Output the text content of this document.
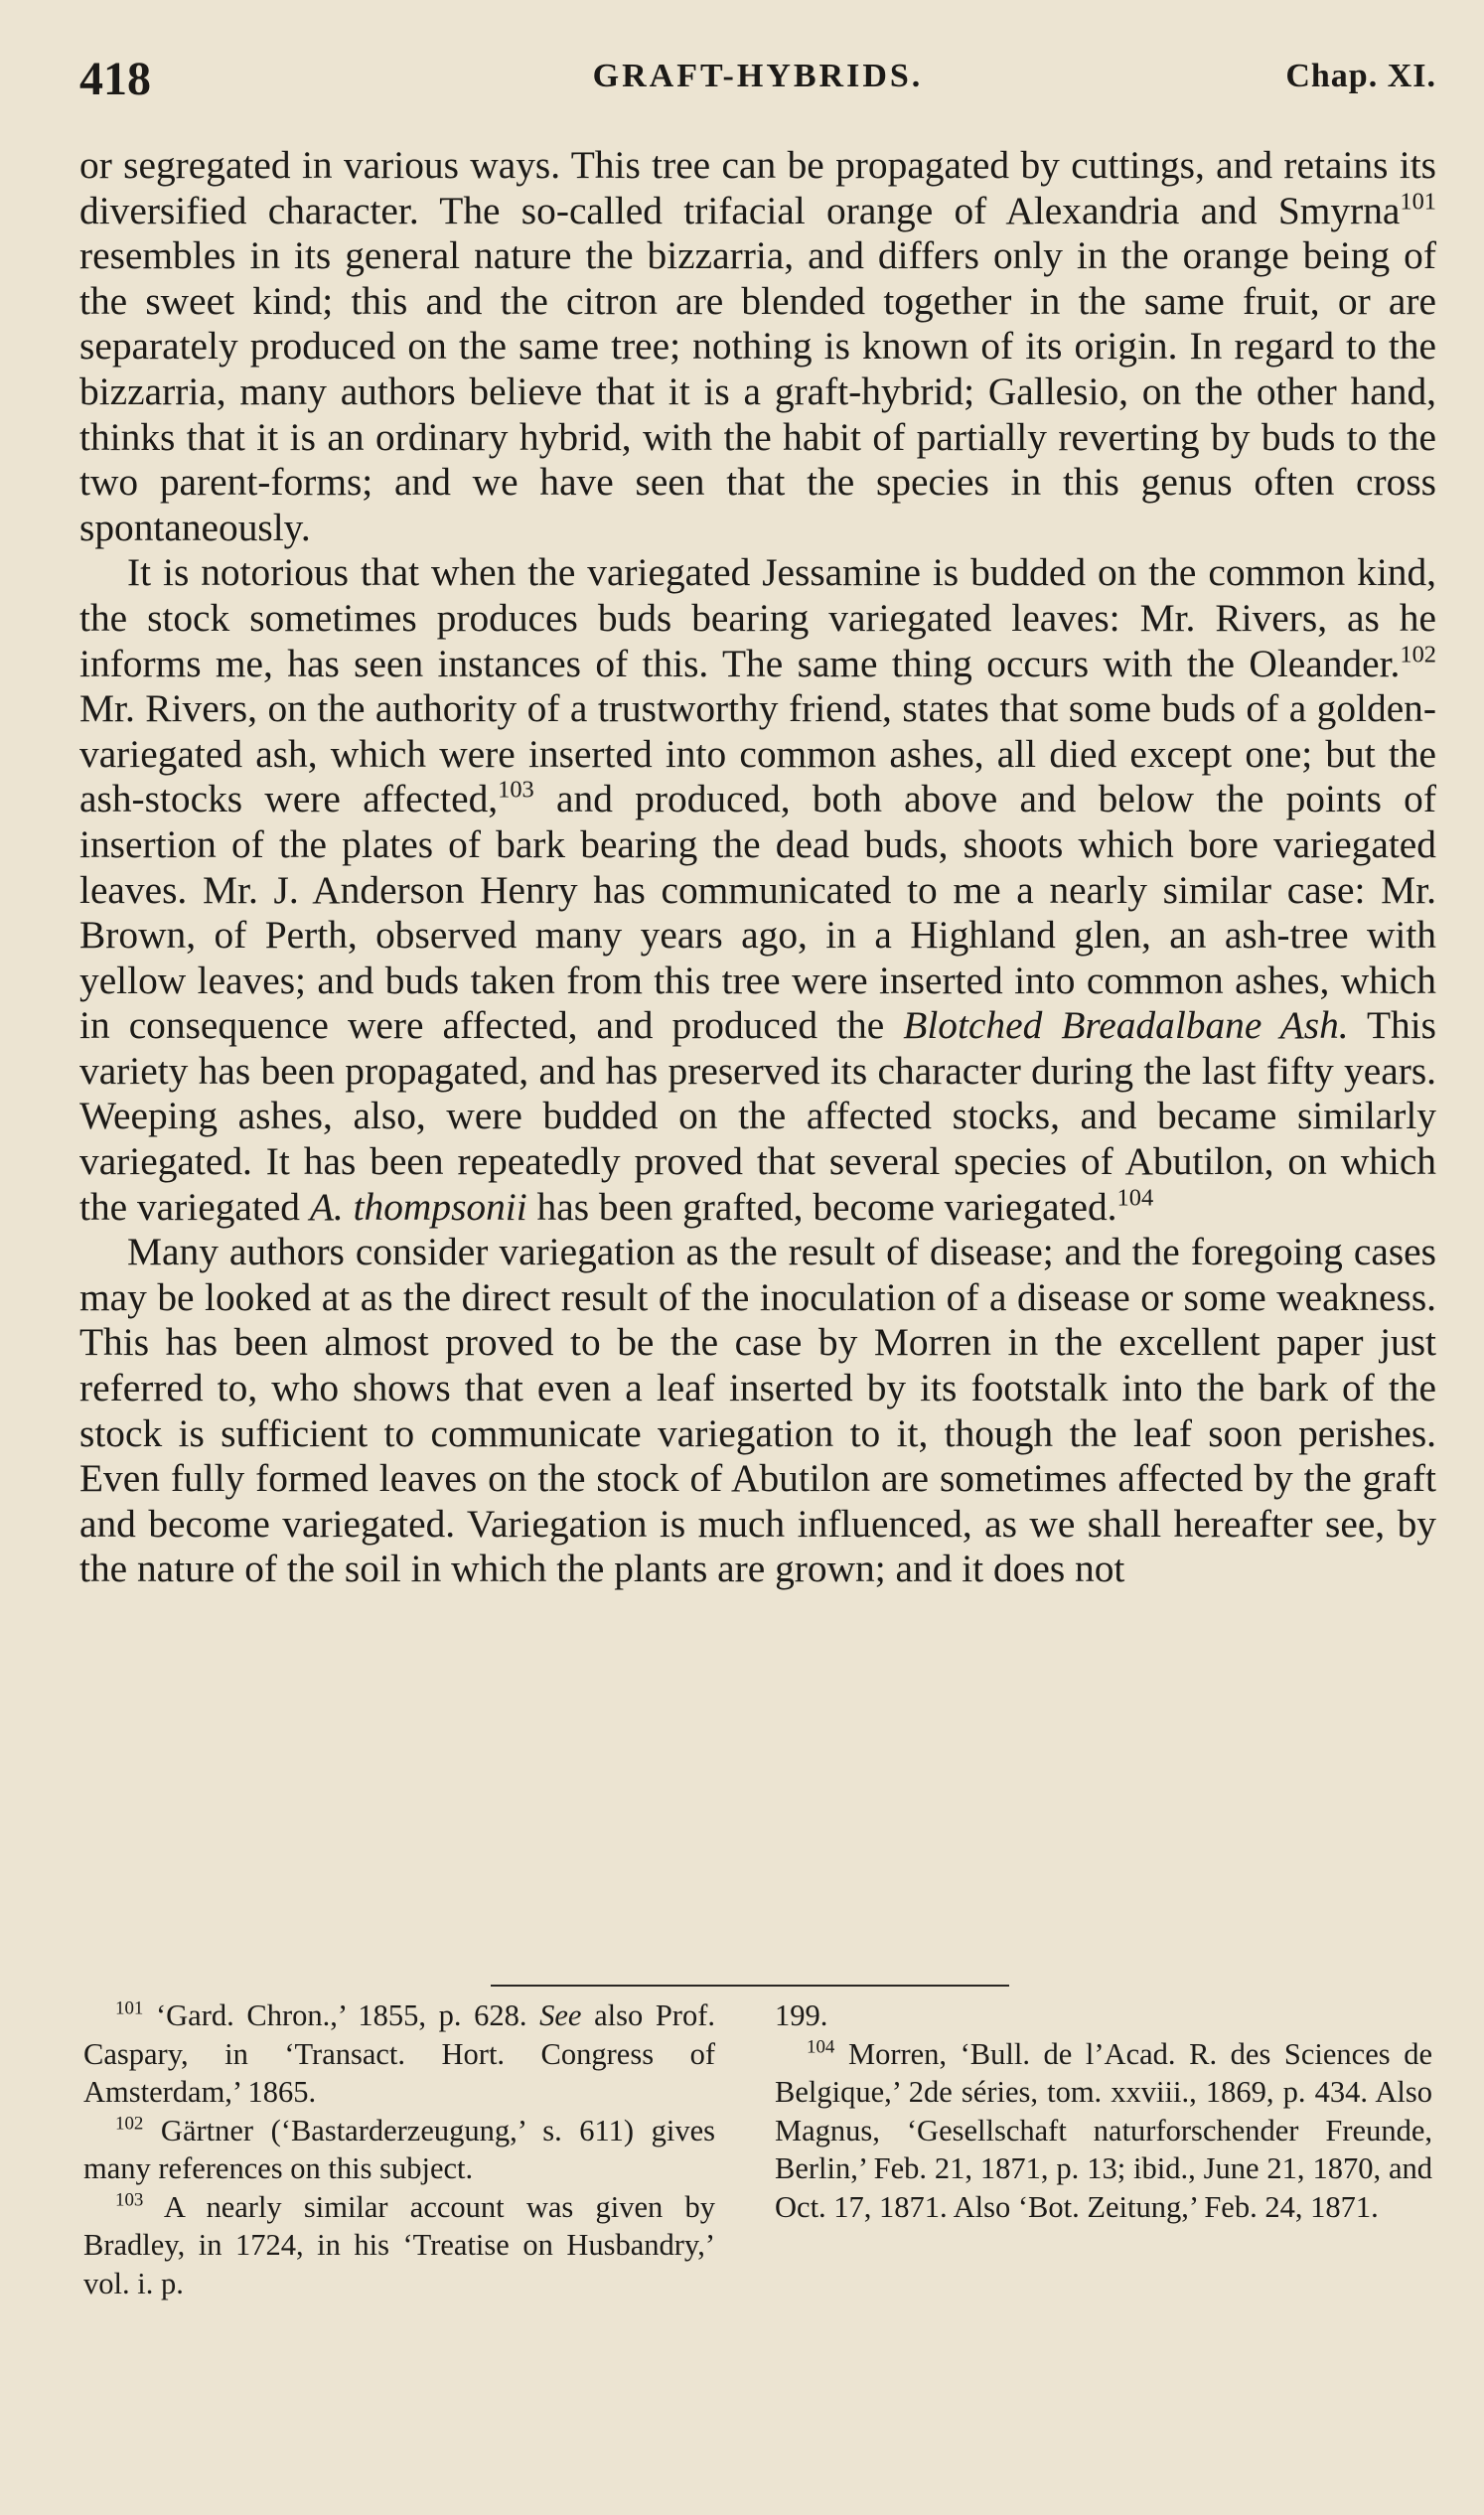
418	GRAFT-HYBRIDS.	Chap. XI.

or segregated in various ways. This tree can be propagated by cuttings, and retains its diversified character. The so-called trifacial orange of Alexandria and Smyrna$^{101}$ resembles in its general nature the bizzarria, and differs only in the orange being of the sweet kind; this and the citron are blended together in the same fruit, or are separately produced on the same tree; nothing is known of its origin. In regard to the bizzarria, many authors believe that it is a graft-hybrid; Gallesio, on the other hand, thinks that it is an ordinary hybrid, with the habit of partially reverting by buds to the two parent-forms; and we have seen that the species in this genus often cross spontaneously.

It is notorious that when the variegated Jessamine is budded on the common kind, the stock sometimes produces buds bearing variegated leaves: Mr. Rivers, as he informs me, has seen instances of this. The same thing occurs with the Oleander.$^{102}$ Mr. Rivers, on the authority of a trustworthy friend, states that some buds of a golden-variegated ash, which were inserted into common ashes, all died except one; but the ash-stocks were affected,$^{103}$ and produced, both above and below the points of insertion of the plates of bark bearing the dead buds, shoots which bore variegated leaves. Mr. J. Anderson Henry has communicated to me a nearly similar case: Mr. Brown, of Perth, observed many years ago, in a Highland glen, an ash-tree with yellow leaves; and buds taken from this tree were inserted into common ashes, which in consequence were affected, and produced the Blotched Breadalbane Ash. This variety has been propagated, and has preserved its character during the last fifty years. Weeping ashes, also, were budded on the affected stocks, and became similarly variegated. It has been repeatedly proved that several species of Abutilon, on which the variegated A. thompsonii has been grafted, become variegated.$^{104}$

Many authors consider variegation as the result of disease; and the foregoing cases may be looked at as the direct result of the inoculation of a disease or some weakness. This has been almost proved to be the case by Morren in the excellent paper just referred to, who shows that even a leaf inserted by its footstalk into the bark of the stock is sufficient to communicate variegation to it, though the leaf soon perishes. Even fully formed leaves on the stock of Abutilon are sometimes affected by the graft and become variegated. Variegation is much influenced, as we shall hereafter see, by the nature of the soil in which the plants are grown; and it does not

$^{101}$ ‘Gard. Chron.,’ 1855, p. 628. See also Prof. Caspary, in ‘Transact. Hort. Congress of Amsterdam,’ 1865.

$^{102}$ Gärtner (‘Bastarderzeugung,’ s. 611) gives many references on this subject.

$^{103}$ A nearly similar account was given by Bradley, in 1724, in his ‘Treatise on Husbandry,’ vol. i. p.

199.

$^{104}$ Morren, ‘Bull. de l’Acad. R. des Sciences de Belgique,’ 2de séries, tom. xxviii., 1869, p. 434. Also Magnus, ‘Gesellschaft naturforschender Freunde, Berlin,’ Feb. 21, 1871, p. 13; ibid., June 21, 1870, and Oct. 17, 1871. Also ‘Bot. Zeitung,’ Feb. 24, 1871.
